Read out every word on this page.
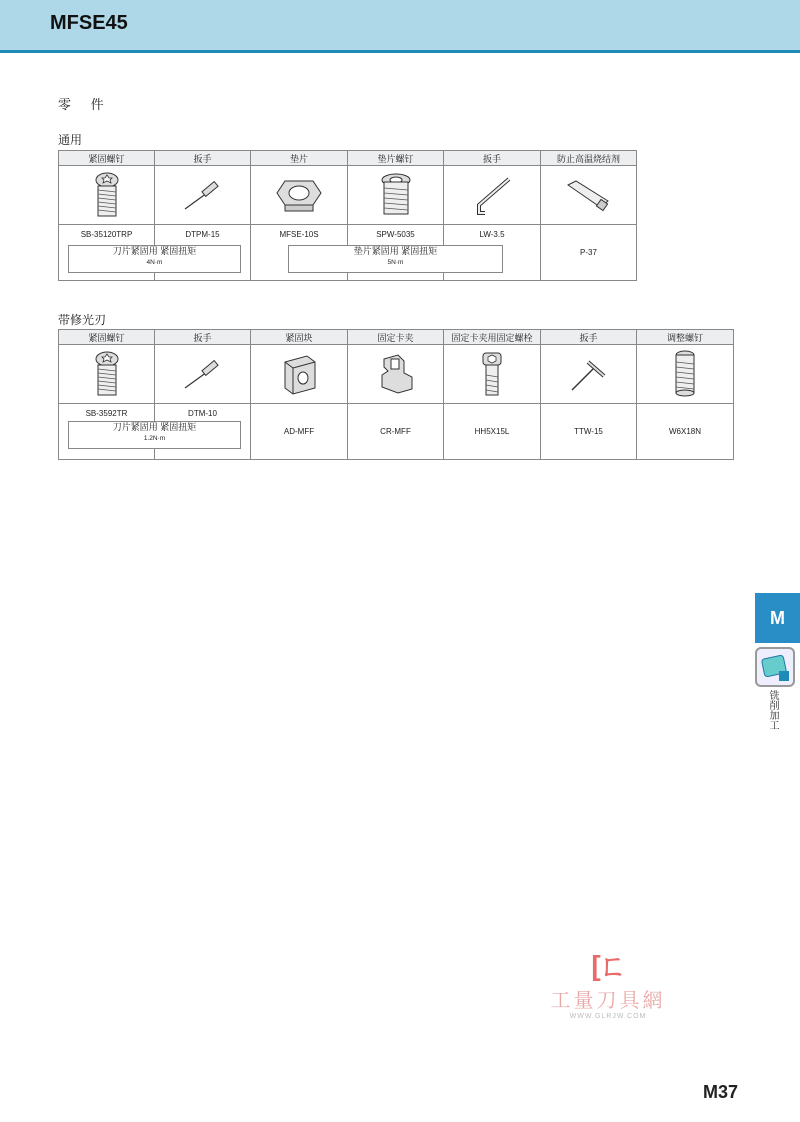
MFSE45
零 件
通用
紧固螺钉	扳手	垫片	垫片螺钉	扳手	防止高温烧结剂

SB-35120TRP	DTPM-15	MFSE-10S	SPW-5035	LW-3.5	P-37
刀片紧固用 紧固扭矩
4N·m
垫片紧固用 紧固扭矩
5N·m
带修光刃
紧固螺钉	扳手	紧固块	固定卡夹	固定卡夹用固定螺栓	扳手	调整螺钉

SB-3592TR	DTM-10	AD-MFF	CR-MFF	HH5X15L	TTW-15	W6X18N
刀片紧固用 紧固扭矩
1.2N·m
M
铣削加工
[ㄈ
工量刀具網
WWW.GLRJW.COM
M37
